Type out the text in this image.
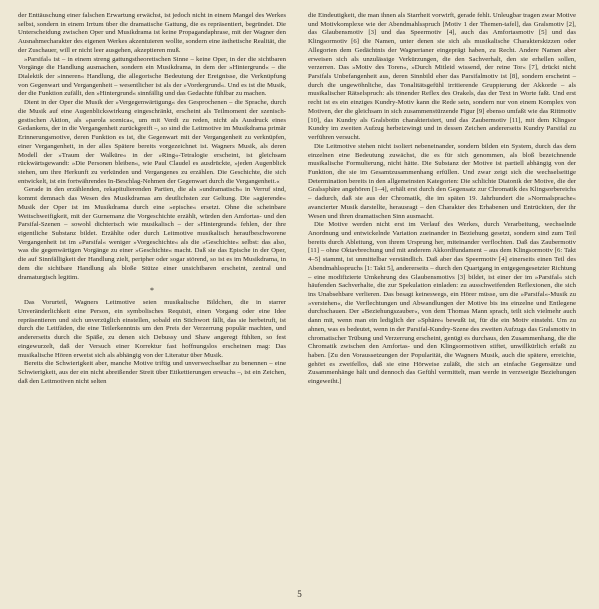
der Enttäuschung einer falschen Erwartung erwächst, ist jedoch nicht in einem Mangel des Werkes selbst, sondern in einem Irrtum über die dramatische Gattung, die es repräsentiert, begründet. Die Unterscheidung zwischen Oper und Musikdrama ist keine Propagandaphrase, mit der Wagner den Ausnahmecharakter des eigenen Werkes akzentuieren wollte, sondern eine ästhetische Realität, die der Zuschauer, will er nicht leer ausgehen, akzeptieren muß.

»Parsifal« ist – in einem streng gattungstheoretischen Sinne – keine Oper, in der die sichtbaren Vorgänge die Handlung ausmachen, sondern ein Musikdrama, in dem der »Hintergrund« – die Dialektik der »inneren« Handlung, die allegorische Bedeutung der Ereignisse, die Verknüpfung von Gegenwart und Vergangenheit – wesentlicher ist als der »Vordergrund«. Und es ist die Musik, der die Funktion zufällt, den »Hintergrund« sinnfällig und das Gedachte fühlbar zu machen.

Dient in der Oper die Musik der »Vergegenwärtigung« des Gesprochenen – die Sprache, durch die Musik auf eine Augenblickswirkung eingeschränkt, erscheint als Teilmoment der szenisch-gestischen Aktion, als »parola scenica«, um mit Verdi zu reden, nicht als Ausdruck eines Gedankens, der in die Vergangenheit zurückgreift –, so sind die Leitmotive im Musikdrama primär Erinnerungsmotive, deren Funktion es ist, die Gegenwart mit der Vergangenheit zu verknüpfen, einer Vergangenheit, in der alles Spätere bereits vorgezeichnet ist. Wagners Musik, als deren Modell der »Traum der Walküre« in der »Ring«-Tetralogie erscheint, ist gleichsam rückwärtsgewandt: »Die Personen bleiben«, wie Paul Claudel es ausdrückte, »jeden Augenblick stehen, um ihre Herkunft zu verkünden und Vergangenes zu erzählen. Die Geschichte, die sich entwickelt, ist ein fortwährendes In-Beschlag-Nehmen der Gegenwart durch die Vergangenheit.«

Gerade in den erzählenden, rekapitulierenden Partien, die als »undramatisch« in Verruf sind, kommt demnach das Wesen des Musikdramas am deutlichsten zur Geltung. Die »agierende« Musik der Oper ist im Musikdrama durch eine »epische« ersetzt. Ohne die scheinbare Weitschweifigkeit, mit der Gurnemanz die Vorgeschichte erzählt, würden den Amfortas- und den Parsifal-Szenen – sowohl dichterisch wie musikalisch – der »Hintergrund« fehlen, der ihre eigentliche Substanz bildet. Erzählte oder durch Leitmotive musikalisch heraufbeschworene Vergangenheit ist im »Parsifal« weniger »Vorgeschichte« als die »Geschichte« selbst: das also, was die gegenwärtigen Vorgänge zu einer »Geschichte« macht. Daß sie das Epische in der Oper, die auf Sinnfälligkeit der Handlung zielt, peripher oder sogar störend, so ist es im Musikdrama, in dem die sichtbare Handlung als bloße Stütze einer unsichtbaren erscheint, zentral und dramaturgisch legitim.

*

Das Vorurteil, Wagners Leitmotive seien musikalische Bildchen, die in starrer Unveränderlichkeit eine Person, ein symbolisches Requisit, einen Vorgang oder eine Idee repräsentieren und sich unverzüglich einstellen, sobald ein Stichwort fällt, das sie herbeiruft, ist durch die Leitfäden, die eine Teilerkenntnis um den Preis der Verzerrung populär machten, und andererseits durch die Späße, zu denen sich Debussy und Shaw angeregt fühlten, so fest eingewurzelt, daß der Versuch einer Korrektur fast hoffnungslos erscheinen mag: Das musikalische Hören erweist sich als abhängig von der Literatur über Musik.

Bereits die Schwierigkeit aber, manche Motive triftig und unverwechselbar zu benennen – eine Schwierigkeit, aus der ein nicht abreißender Streit über Etikettierungen erwuchs –, ist ein Zeichen, daß den Leitmotiven nicht selten

die Eindeutigkeit, die man ihnen als Starrheit vorwirft, gerade fehlt. Unleugbar tragen zwar Motive und Motivkomplexe wie der Abendmahlsspruch [Motiv 1 der Themen-tafel], das Gralsmotiv [2], das Glaubensmotiv [3] und das Speermotiv [4], auch das Amfortasmotiv [5] und das Klingsormotiv [6] die Namen, unter denen sie sich als musikalische Charakterskizzen oder Allegorien dem Gedächtnis der Wagnerianer eingeprägt haben, zu Recht. Andere Namen aber erweisen sich als unzulässige Verkürzungen, die den Sachverhalt, den sie erhellen sollen, verzerren. Das »Motiv des Toren«, »Durch Mitleid wissend, der reine Tor« [7], drückt nicht Parsifals Unbefangenheit aus, deren Sinnbild eher das Parsifalmotiv ist [8], sondern erscheint – durch die ungewöhnliche, das Tonalitätsgefühl irritierende Gruppierung der Akkorde – als musikalischer Rätselspruch: als tönender Reflex des Orakels, das der Text in Worte faßt. Und erst recht ist es ein einziges Kundry-Motiv kann die Rede sein, sondern nur von einem Komplex von Motiven, der die gleichsam in sich zusammenstürzende Figur [9] ebenso umfaßt wie das Rittmotiv [10], das Kundry als Gralsbotin charakterisiert, und das Zaubermotiv [11], mit dem Klingsor Kundry im zweiten Aufzug herbeizwingt und in dessen Zeichen andererseits Kundry Parsifal zu verführen versucht.

Die Leitmotive stehen nicht isoliert nebeneinander, sondern bilden ein System, durch das dem einzelnen eine Bedeutung zuwächst, die es für sich genommen, als bloß bezeichnende musikalische Formulierung, nicht hätte. Die Substanz der Motive ist partiell abhängig von der Funktion, die sie im Gesamtzusammenhang erfüllen. Und zwar zeigt sich die wechselseitige Determination bereits in den allgemeinsten Kategorien: Die schlichte Diatonik der Motive, die der Gralssphäre angehören [1–4], erhält erst durch den Gegensatz zur Chromatik des Klingsorbereichs – dadurch, daß sie aus der Chromatik, die im späten 19. Jahrhundert die »Normalsprache« avancierter Musik darstellte, herausragt – den Charakter des Erhabenen und Entrückten, der ihr Wesen und ihren dramatischen Sinn ausmacht.

Die Motive werden nicht erst im Verlauf des Werkes, durch Verarbeitung, wechselnde Anordnung und entwickelnde Variation zueinander in Beziehung gesetzt, sondern sind zum Teil bereits durch Ableitung, von ihrem Ursprung her, miteinander verflochten. Daß das Zaubermotiv [11] – ohne Oktavbrechung und mit anderem Akkordfundament – aus dem Klingsormotiv [6: Takt 4–5] stammt, ist unmittelbar verständlich. Daß aber das Speermotiv [4] einerseits einen Teil des Abendmahlsspruchs [1: Takt 5], andererseits – durch den Quartgang in entgegengesetzter Richtung – eine modifizierte Umkehrung des Glaubensmotivs [3] bildet, ist einer der im »Parsifal« sich häufenden Sachverhalte, die zur Spekulation einladen: zu ausschweifenden Reflexionen, die sich ins Unabsehbare verlieren. Das besagt keineswegs, ein Hörer müsse, um die »Parsifal«-Musik zu »verstehen«, die Verflechtungen und Abwandlungen der Motive bis ins einzelne und Entlegene durchschauen. Der »Beziehungszauber«, von dem Thomas Mann sprach, teilt sich vielmehr auch dann mit, wenn man ein lediglich der »Sphäre« bewußt ist, für die ein Motiv einsteht. Um zu ahnen, was es bedeutet, wenn in der Parsifal-Kundry-Szene des zweiten Aufzugs das Gralsmotiv in chromatischer Trübung und Verzerrung erscheint, genügt es durchaus, den Zusammenhang, die die Chromatik zwischen den Amfortas- und den Klingsormotiven stiftet, unwillkürlich erfaßt zu haben. [Zu den Voraussetzungen der Popularität, die Wagners Musik, auch die spätere, erreichte, gehört es zweifellos, daß sie eine Hörweise zuläßt, die sich an einfache Gegensätze und Zusammenhänge hält und dennoch das Gefühl vermittelt, man werde in verzweigte Beziehungen eingeweiht.]

5
